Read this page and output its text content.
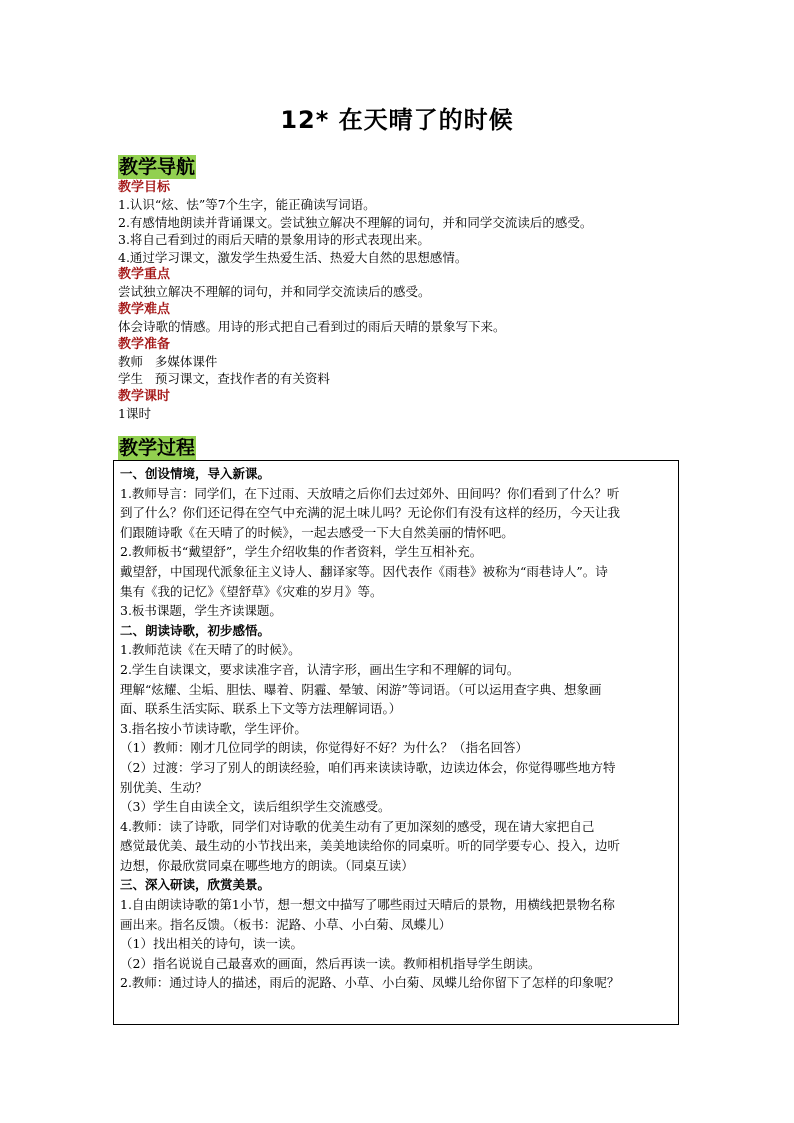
12* 在天晴了的时候
教学导航
教学目标
1.认识“炫、怯”等7个生字，能正确读写词语。
2.有感情地朗读并背诵课文。尝试独立解决不理解的词句，并和同学交流读后的感受。
3.将自己看到过的雨后天晴的景象用诗的形式表现出来。
4.通过学习课文，激发学生热爱生活、热爱大自然的思想感情。
教学重点
尝试独立解决不理解的词句，并和同学交流读后的感受。
教学难点
体会诗歌的情感。用诗的形式把自己看到过的雨后天晴的景象写下来。
教学准备
教师   多媒体课件
学生   预习课文，查找作者的有关资料
教学课时
1课时
教学过程
一、创设情境，导入新课。
1.教师导言：同学们，在下过雨、天放晴之后你们去过郊外、田间吗？你们看到了什么？听
到了什么？你们还记得在空气中充满的泥土味儿吗？无论你们有没有这样的经历，今天让我
们跟随诗歌《在天晴了的时候》，一起去感受一下大自然美丽的情怀吧。
2.教师板书“戴望舒”，学生介绍收集的作者资料，学生互相补充。
戴望舒，中国现代派象征主义诗人、翻译家等。因代表作《雨巷》被称为“雨巷诗人”。诗
集有《我的记忆》《望舒草》《灾难的岁月》等。
3.板书课题，学生齐读课题。
二、朗读诗歌，初步感悟。
1.教师范读《在天晴了的时候》。
2.学生自读课文，要求读准字音，认清字形，画出生字和不理解的词句。
理解“炫耀、尘垢、胆怯、曝着、阴霾、晕皱、闲游”等词语。（可以运用查字典、想象画
面、联系生活实际、联系上下文等方法理解词语。）
3.指名按小节读诗歌，学生评价。
（1）教师：刚才几位同学的朗读，你觉得好不好？为什么？（指名回答）
（2）过渡：学习了别人的朗读经验，咱们再来读读诗歌，边读边体会，你觉得哪些地方特
别优美、生动？
（3）学生自由读全文，读后组织学生交流感受。
4.教师：读了诗歌，同学们对诗歌的优美生动有了更加深刻的感受，现在请大家把自己
感觉最优美、最生动的小节找出来，美美地读给你的同桌听。听的同学要专心、投入，边听
边想，你最欣赏同桌在哪些地方的朗读。（同桌互读）
三、深入研读，欣赏美景。
1.自由朗读诗歌的第1小节，想一想文中描写了哪些雨过天晴后的景物，用横线把景物名称
画出来。指名反馈。（板书：泥路、小草、小白菊、凤蝶儿）
（1）找出相关的诗句，读一读。
（2）指名说说自己最喜欢的画面，然后再读一读。教师相机指导学生朗读。
2.教师：通过诗人的描述，雨后的泥路、小草、小白菊、凤蝶儿给你留下了怎样的印象呢？
